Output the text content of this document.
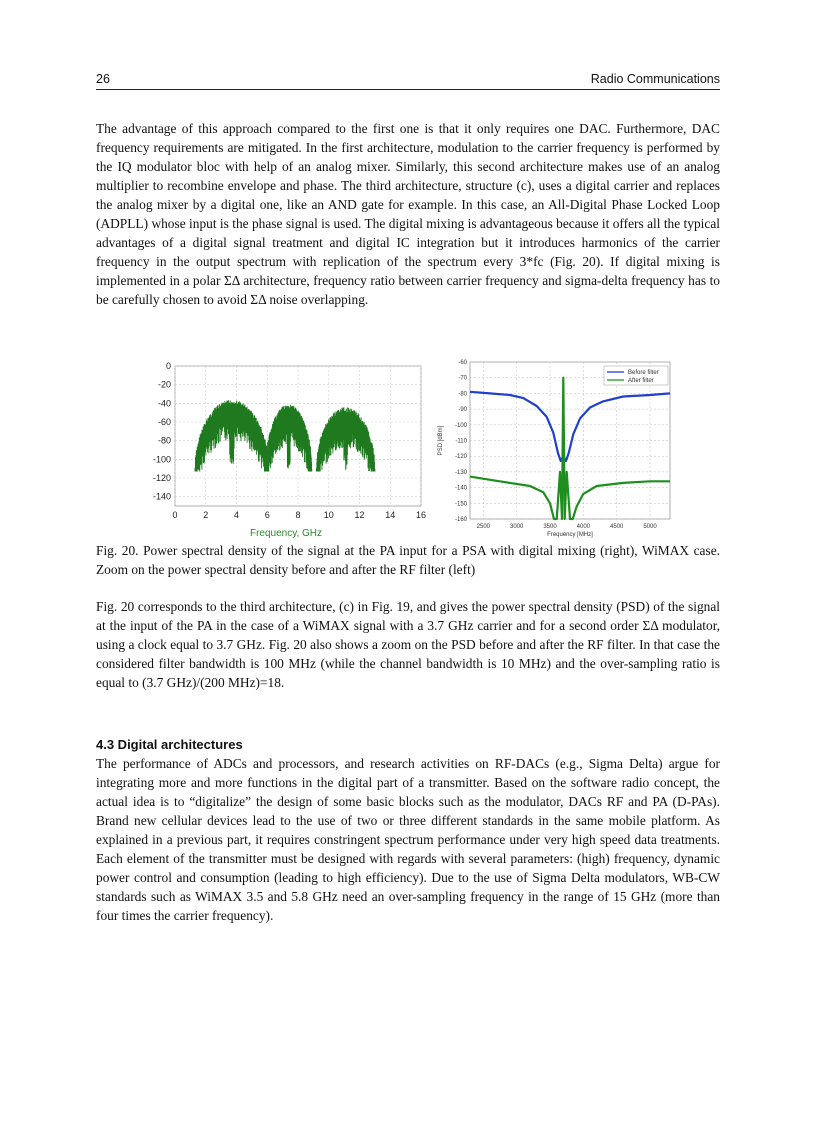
26	Radio Communications
The advantage of this approach compared to the first one is that it only requires one DAC. Furthermore, DAC frequency requirements are mitigated. In the first architecture, modulation to the carrier frequency is performed by the IQ modulator bloc with help of an analog mixer. Similarly, this second architecture makes use of an analog multiplier to recombine envelope and phase. The third architecture, structure (c), uses a digital carrier and replaces the analog mixer by a digital one, like an AND gate for example. In this case, an All-Digital Phase Locked Loop (ADPLL) whose input is the phase signal is used. The digital mixing is advantageous because it offers all the typical advantages of a digital signal treatment and digital IC integration but it introduces harmonics of the carrier frequency in the output spectrum with replication of the spectrum every 3*fc (Fig. 20). If digital mixing is implemented in a polar ΣΔ architecture, frequency ratio between carrier frequency and sigma-delta frequency has to be carefully chosen to avoid ΣΔ noise overlapping.
0	2	4	6	8	10 12 14 16
0
-20
-40
-60
-80
-100
-120
-140
Frequency, GHz
2500	3000	3500	4000	4500	5000
-60
-70
-80
-90
-100
-110
-120
-130
-140
-150
-160
Frequency [MHz]
PSD [dBm]
Before filter
After filter
Fig. 20. Power spectral density of the signal at the PA input for a PSA with digital mixing (right), WiMAX case. Zoom on the power spectral density before and after the RF filter (left)
Fig. 20 corresponds to the third architecture, (c) in Fig. 19, and gives the power spectral density (PSD) of the signal at the input of the PA in the case of a WiMAX signal with a 3.7 GHz carrier and for a second order ΣΔ modulator, using a clock equal to 3.7 GHz. Fig. 20 also shows a zoom on the PSD before and after the RF filter. In that case the considered filter bandwidth is 100 MHz (while the channel bandwidth is 10 MHz) and the over-sampling ratio is equal to (3.7 GHz)/(200 MHz)=18.
4.3 Digital architectures
The performance of ADCs and processors, and research activities on RF-DACs (e.g., Sigma Delta) argue for integrating more and more functions in the digital part of a transmitter. Based on the software radio concept, the actual idea is to “digitalize” the design of some basic blocks such as the modulator, DACs RF and PA (D-PAs). Brand new cellular devices lead to the use of two or three different standards in the same mobile platform. As explained in a previous part, it requires constringent spectrum performance under very high speed data treatments. Each element of the transmitter must be designed with regards with several parameters: (high) frequency, dynamic power control and consumption (leading to high efficiency). Due to the use of Sigma Delta modulators, WB-CW standards such as WiMAX 3.5 and 5.8 GHz need an over-sampling frequency in the range of 15 GHz (more than four times the carrier frequency).
